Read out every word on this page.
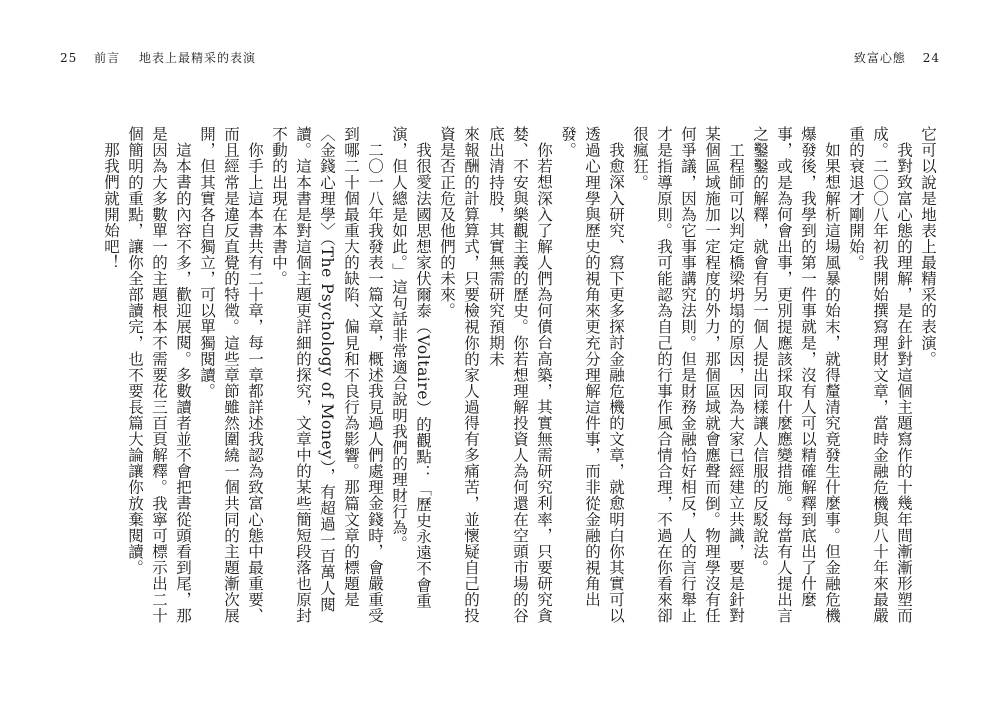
25 前言 地表上最精采的表演	致富心態 24

它可以說是地表上最精采的表演。

我對致富心態的理解，是在針對這個主題寫作的十幾年間漸漸形塑而成。二〇〇八年初我開始撰寫理財文章，當時金融危機與八十年來最嚴重的衰退才剛開始。

如果想解析這場風暴的始末，就得釐清究竟發生什麼事。但金融危機爆發後，我學到的第一件事就是，沒有人可以精確解釋到底出了什麼事，或是為何會出事，更別提應該採取什麼應變措施。每當有人提出言之鑿鑿的解釋，就會有另一個人提出同樣讓人信服的反駁說法。

工程師可以判定橋梁坍塌的原因，因為大家已經建立共識，要是針對某個區域施加一定程度的外力，那個區域就會應聲而倒。物理學沒有任何爭議，因為它事事講究法則。但是財務金融恰好相反，人的言行舉止才是指導原則。我可能認為自己的行事作風合情合理，不過在你看來卻很瘋狂。

我愈深入研究、寫下更多探討金融危機的文章，就愈明白你其實可以透過心理學與歷史的視角來更充分理解這件事，而非從金融的視角出發。

你若想深入了解人們為何債台高築，其實無需研究利率，只要研究貪婪、不安與樂觀主義的歷史。你若想理解投資人為何還在空頭市場的谷底出清持股，其實無需研究預期未

來報酬的計算算式，只要檢視你的家人過得有多痛苦，並懷疑自己的投資是否正危及他們的未來。

我很愛法國思想家伏爾泰（Voltaire）的觀點：「歷史永遠不會重演，但人總是如此。」這句話非常適合說明我們的理財行為。

二〇一八年我發表一篇文章，概述我見過人們處理金錢時，會嚴重受到哪二十個最重大的缺陷、偏見和不良行為影響。那篇文章的標題是〈金錢心理學〉（The Psychology of Money），有超過一百萬人閱讀。這本書是對這個主題更詳細的探究，文章中的某些簡短段落也原封不動的出現在本書中。

你手上這本書共有二十章，每一章都詳述我認為致富心態中最重要、而且經常是違反直覺的特徵。這些章節雖然圍繞一個共同的主題漸次展開，但其實各自獨立，可以單獨閱讀。

這本書的內容不多，歡迎展閱。多數讀者並不會把書從頭看到尾，那是因為大多數單一的主題根本不需要花三百頁解釋。我寧可標示出二十個簡明的重點，讓你全部讀完，也不要長篇大論讓你放棄閱讀。

那我們就開始吧！
